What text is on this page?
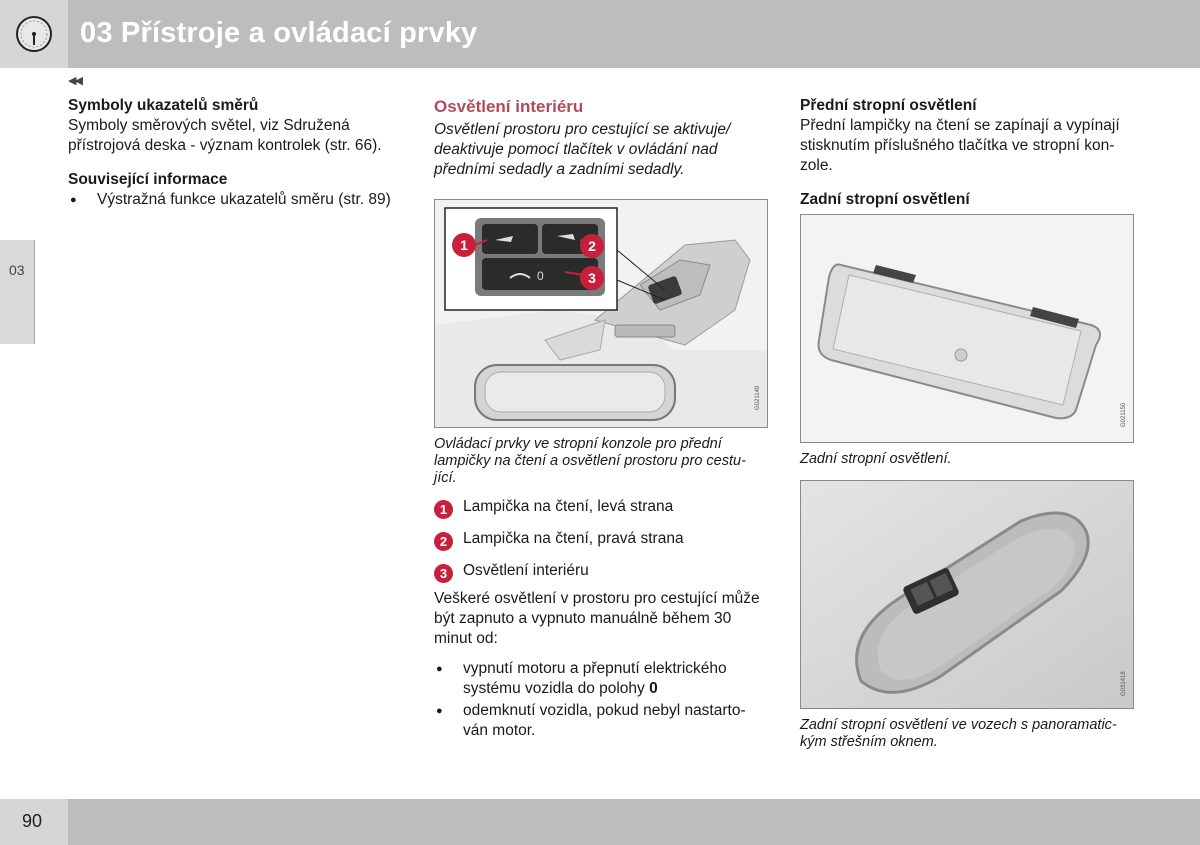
03 Přístroje a ovládací prvky
03
◀◀
Symboly ukazatelů směrů

Symboly směrových světel, viz Sdružená přístrojová deska - význam kontrolek (str. 66).

Související informace
● Výstražná funkce ukazatelů směru (str. 89)
Osvětlení interiéru

Osvětlení prostoru pro cestující se aktivuje/ deaktivuje pomocí tlačítek v ovládání nad předními sedadly a zadními sedadly.

0
1	2
3
G021149

Ovládací prvky ve stropní konzole pro přední lampičky na čtení a osvětlení prostoru pro cestu- jící.

1	Lampička na čtení, levá strana
2	Lampička na čtení, pravá strana
3	Osvětlení interiéru

Veškeré osvětlení v prostoru pro cestující může být zapnuto a vypnuto manuálně během 30 minut od:

● vypnutí motoru a přepnutí elektrického systému vozidla do polohy 0
● odemknutí vozidla, pokud nebyl nastarto- ván motor.
Přední stropní osvětlení

Přední lampičky na čtení se zapínají a vypínají stisknutím příslušného tlačítka ve stropní kon- zole.

Zadní stropní osvětlení
G021150

Zadní stropní osvětlení.

G031418

Zadní stropní osvětlení ve vozech s panoramatic- kým střešním oknem.

90
